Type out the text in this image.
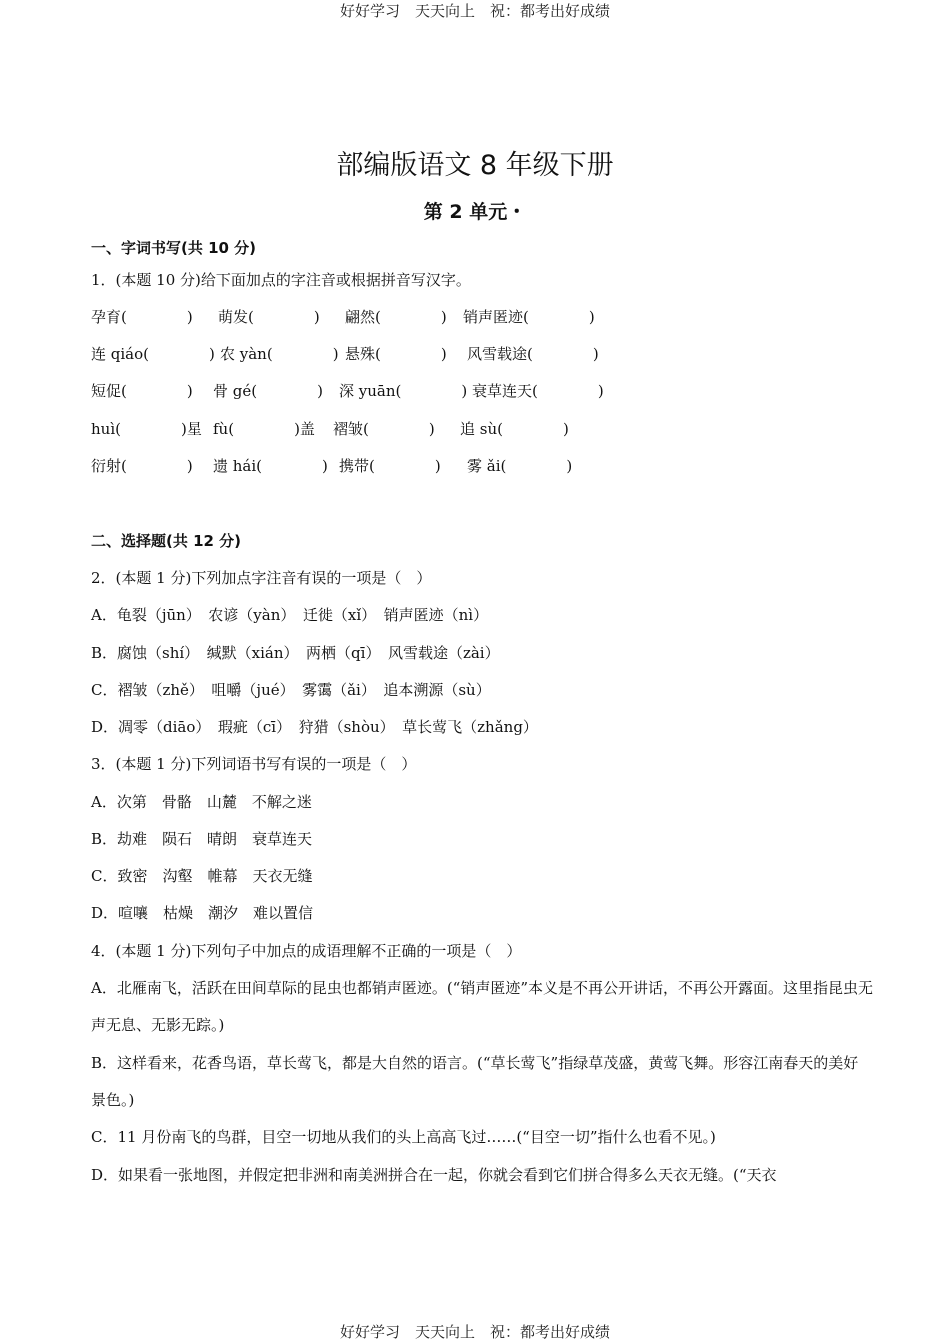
好好学习　天天向上　祝：都考出好成绩
部编版语文 8 年级下册
第 2 单元・
一、字词书写(共 10 分)
1．(本题 10 分)给下面加点的字注音或根据拼音写汉字。
孕育(　　　　) 萌发(　　　　) 翩然(　　　　) 销声匿迹(　　　　)
连 qiáo(　　　　) 农 yàn(　　　　) 悬殊(　　　　) 风雪载途(　　　　)
短促(　　　　) 骨 gé(　　　　) 深 yuān(　　　　) 衰草连天(　　　　)
huì(　　　　)星 fù(　　　　)盖 褶皱(　　　　) 追 sù(　　　　)
衍射(　　　　) 遗 hái(　　　　) 携带(　　　　) 雾 ǎi(　　　　)
二、选择题(共 12 分)
2．(本题 1 分)下列加点字注音有误的一项是（　）
A．龟裂（jūn）　农谚（yàn）　迁徙（xǐ）　销声匿迹（nì）
B．腐蚀（shí）　缄默（xián）　两栖（qī）　风雪载途（zài）
C．褶皱（zhě）　咀嚼（jué）　雾霭（ǎi）　追本溯源（sù）
D．凋零（diāo）　瑕疵（cī）　狩猎（shòu）　草长莺飞（zhǎng）
3．(本题 1 分)下列词语书写有误的一项是（　）
A．次第　骨骼　山麓　不解之迷
B．劫难　陨石　晴朗　衰草连天
C．致密　沟壑　帷幕　天衣无缝
D．喧嚷　枯燥　潮汐　难以置信
4．(本题 1 分)下列句子中加点的成语理解不正确的一项是（　）
A．北雁南飞，活跃在田间草际的昆虫也都销声匿迹。(“销声匿迹”本义是不再公开讲话，不再公开露面。这里指昆虫无声无息、无影无踪。)
B．这样看来，花香鸟语，草长莺飞，都是大自然的语言。(“草长莺飞”指绿草茂盛，黄莺飞舞。形容江南春天的美好景色。)
C．11 月份南飞的鸟群，目空一切地从我们的头上高高飞过……(“目空一切”指什么也看不见。)
D．如果看一张地图，并假定把非洲和南美洲拼合在一起，你就会看到它们拼合得多么天衣无缝。(“天衣
好好学习　天天向上　祝：都考出好成绩
